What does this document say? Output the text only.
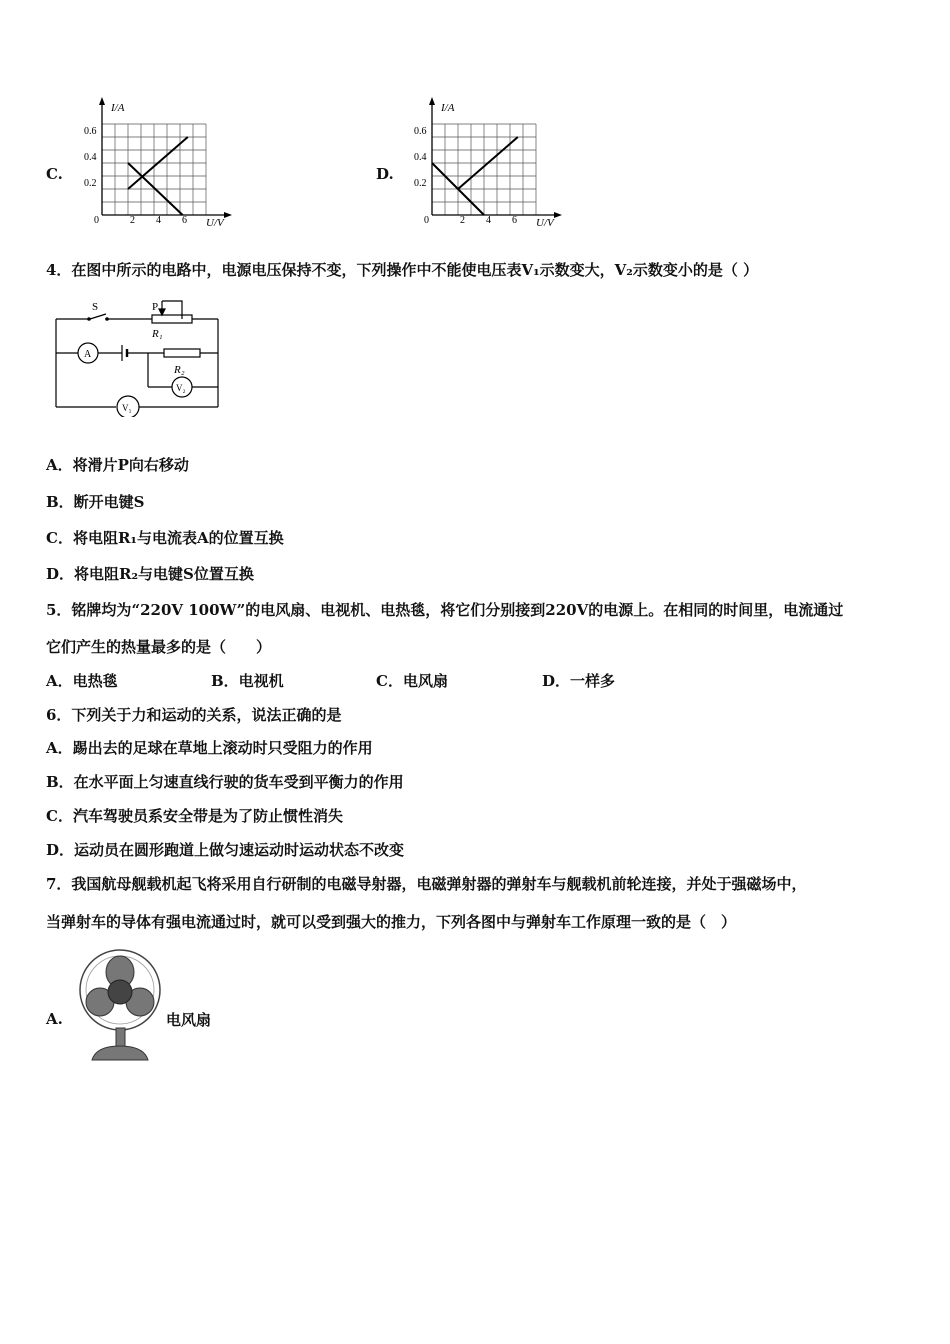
C.
I/A
U/V
0.6
0.4
0.2
0	2 4 6
D.
I/A
U/V
0.6
0.4
0.2
0	2 4 6
4．在图中所示的电路中，电源电压保持不变，下列操作中不能使电压表V₁示数变大，V₂示数变小的是（ ）
S	P
R₁
R₂
A
V₂
V₁
A．将滑片P向右移动
B．断开电键S
C．将电阻R₁与电流表A的位置互换
D．将电阻R₂与电键S位置互换
5．铭牌均为“220V 100W”的电风扇、电视机、电热毯，将它们分别接到220V的电源上。在相同的时间里，电流通过
它们产生的热量最多的是（　　）
A．电热毯	B．电视机	C．电风扇	D．一样多
6．下列关于力和运动的关系，说法正确的是
A．踢出去的足球在草地上滚动时只受阻力的作用
B．在水平面上匀速直线行驶的货车受到平衡力的作用
C．汽车驾驶员系安全带是为了防止惯性消失
D．运动员在圆形跑道上做匀速运动时运动状态不改变
7．我国航母舰载机起飞将采用自行研制的电磁导射器，电磁弹射器的弹射车与舰载机前轮连接，并处于强磁场中，
当弹射车的导体有强电流通过时，就可以受到强大的推力，下列各图中与弹射车工作原理一致的是（　）
A.	电风扇
